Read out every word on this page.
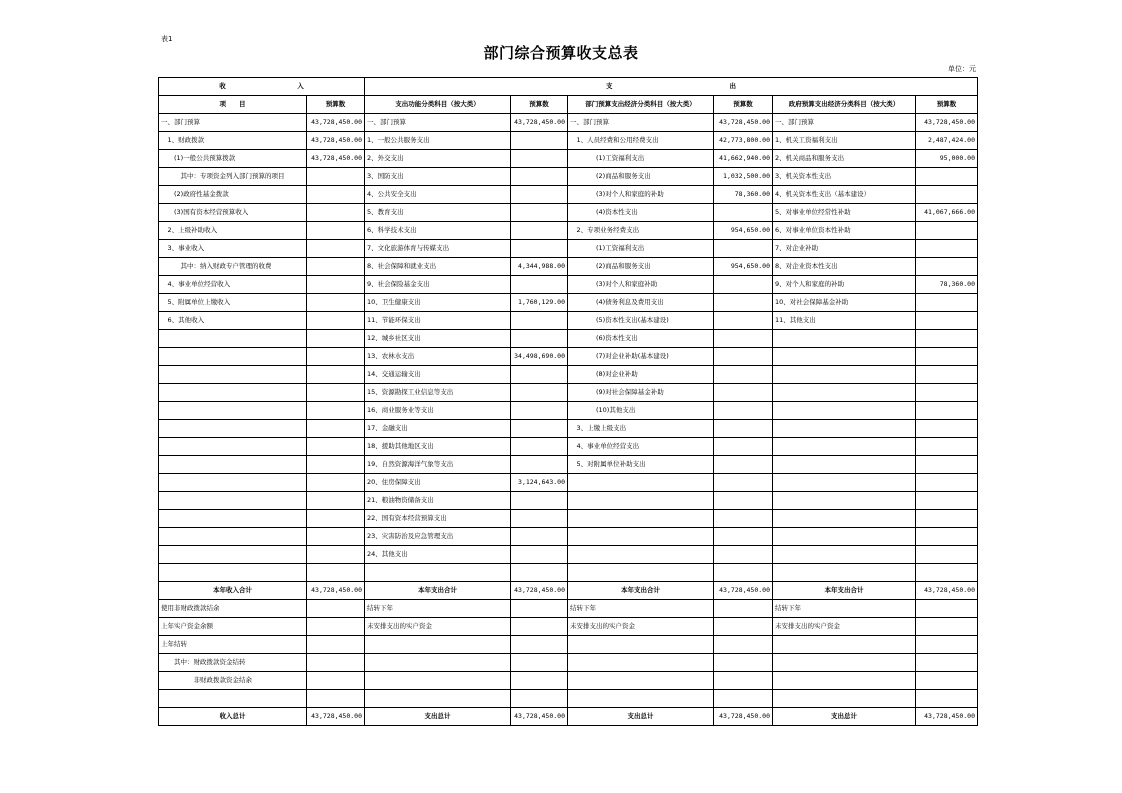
表1
部门综合预算收支总表
单位：元
收　　　　　　　　　　　入		支　　　　　　　　　　　　　　　　　　出					
项　　目	预算数	支出功能分类科目（按大类）	预算数	部门预算支出经济分类科目（按大类）	预算数	政府预算支出经济分类科目（按大类）	预算数
一、部门预算	43,728,450.00	一、部门预算	43,728,450.00	一、部门预算	43,728,450.00	一、部门预算	43,728,450.00
　1、财政拨款	43,728,450.00	1、一般公共服务支出		　1、人员经费和公用经费支出	42,773,800.00	1、机关工资福利支出	2,487,424.00
　　(1)一般公共预算拨款	43,728,450.00	2、外交支出		　　　　(1)工资福利支出	41,662,940.00	2、机关商品和服务支出	95,000.00
　　　其中：专项资金列入部门预算的项目		3、国防支出		　　　　(2)商品和服务支出	1,032,500.00	3、机关资本性支出	
　　(2)政府性基金拨款		4、公共安全支出		　　　　(3)对个人和家庭的补助	78,360.00	4、机关资本性支出（基本建设）	
　　(3)国有资本经营预算收入		5、教育支出		　　　　(4)资本性支出		5、对事业单位经常性补助	41,067,666.00
　2、上级补助收入		6、科学技术支出		　2、专项业务经费支出	954,650.00	6、对事业单位资本性补助	
　3、事业收入		7、文化旅游体育与传媒支出		　　　　(1)工资福利支出		7、对企业补助	
　　　其中：纳入财政专户管理的收费		8、社会保障和就业支出	4,344,988.00	　　　　(2)商品和服务支出	954,650.00	8、对企业资本性支出	
　4、事业单位经营收入		9、社会保险基金支出		　　　　(3)对个人和家庭补助		9、对个人和家庭的补助	78,360.00
　5、附属单位上缴收入		10、卫生健康支出	1,760,129.00	　　　　(4)债务利息及费用支出		10、对社会保障基金补助	
　6、其他收入		11、节能环保支出		　　　　(5)资本性支出(基本建设)		11、其他支出	
		12、城乡社区支出		　　　　(6)资本性支出			
		13、农林水支出	34,498,690.00	　　　　(7)对企业补助(基本建设)			
		14、交通运输支出		　　　　(8)对企业补助			
		15、资源勘探工业信息等支出		　　　　(9)对社会保障基金补助			
		16、商业服务业等支出		　　　　(10)其他支出			
		17、金融支出		　3、上缴上级支出			
		18、援助其他地区支出		　4、事业单位经营支出			
		19、自然资源海洋气象等支出		　5、对附属单位补助支出			
		20、住房保障支出	3,124,643.00				
		21、粮油物资储备支出					
		22、国有资本经营预算支出					
		23、灾害防治及应急管理支出					
		24、其他支出					

本年收入合计	43,728,450.00	本年支出合计	43,728,450.00	本年支出合计	43,728,450.00	本年支出合计	43,728,450.00
使用非财政拨款结余		结转下年		结转下年		结转下年	
上年实户资金余额		未安排支出的实户资金		未安排支出的实户资金		未安排支出的实户资金	
上年结转							
　　其中：财政拨款资金结转							
　　　　　非财政拨款资金结余							

收入总计	43,728,450.00	支出总计	43,728,450.00	支出总计	43,728,450.00	支出总计	43,728,450.00
